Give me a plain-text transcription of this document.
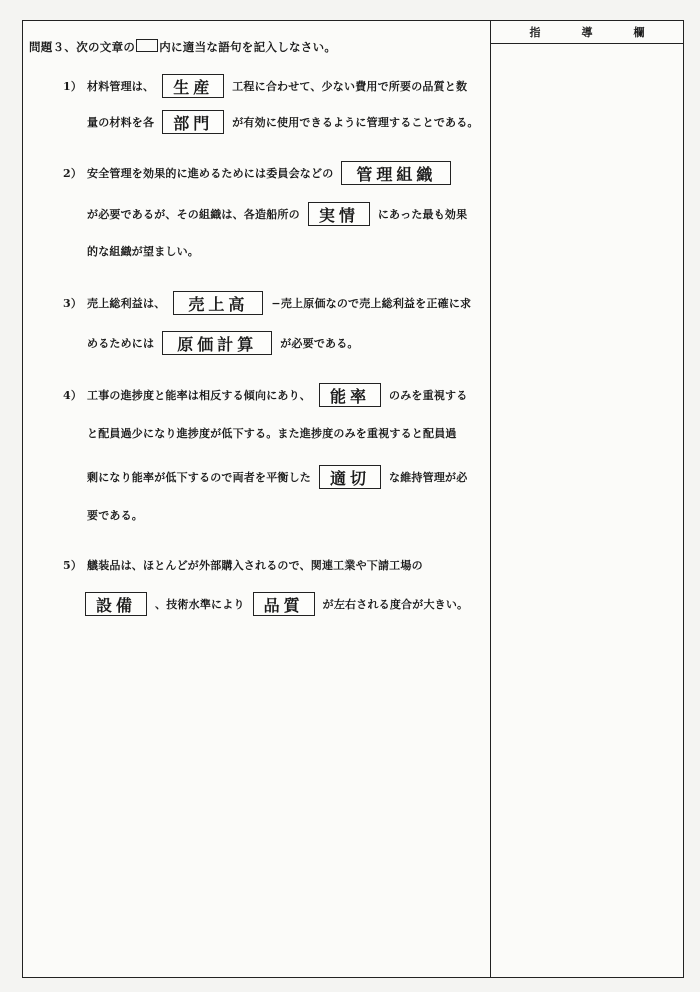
問題３、次の文章の 内に適当な語句を記入しなさい。
1） 材料管理は、	生産	工程に合わせて、少ない費用で所要の品質と数
量の材料を各	部門	が有効に使用できるように管理することである。
2） 安全管理を効果的に進めるためには委員会などの	管理組織
が必要であるが、その組織は、各造船所の	実情	にあった最も効果
的な組織が望ましい。
3） 売上総利益は、	売上高	−売上原価なので売上総利益を正確に求
めるためには	原価計算	が必要である。
4） 工事の進捗度と能率は相反する傾向にあり、	能率	のみを重視する
と配員過少になり進捗度が低下する。また進捗度のみを重視すると配員過
剰になり能率が低下するので両者を平衡した	適切	な維持管理が必
要である。
5） 艤装品は、ほとんどが外部購入されるので、関連工業や下請工場の
設備	、技術水準により	品質	が左右される度合が大きい。
指	導	欄
